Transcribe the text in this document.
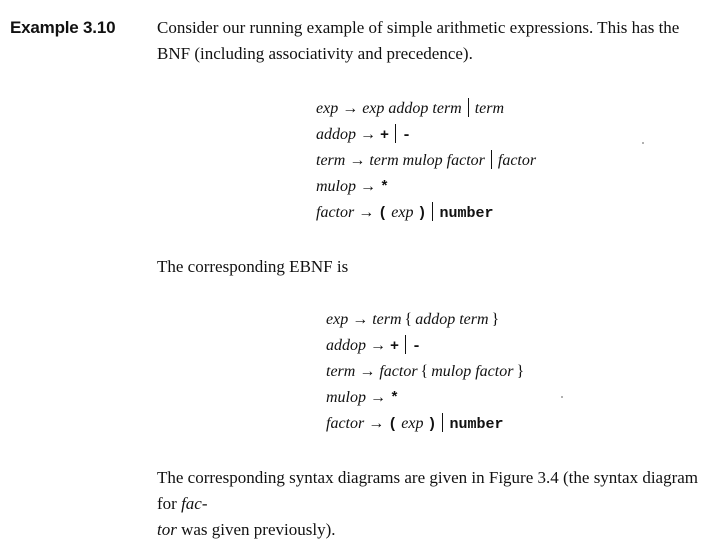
Example 3.10 Consider our running example of simple arithmetic expressions. This has the BNF (including associativity and precedence).
exp → exp addop term term
addop → + -
term → term mulop factor factor
mulop → *
factor → ( exp ) number
The corresponding EBNF is
exp → term { addop term }
addop → + -
term → factor { mulop factor }
mulop → *
factor → ( exp ) number
The corresponding syntax diagrams are given in Figure 3.4 (the syntax diagram for fac-
tor was given previously).
